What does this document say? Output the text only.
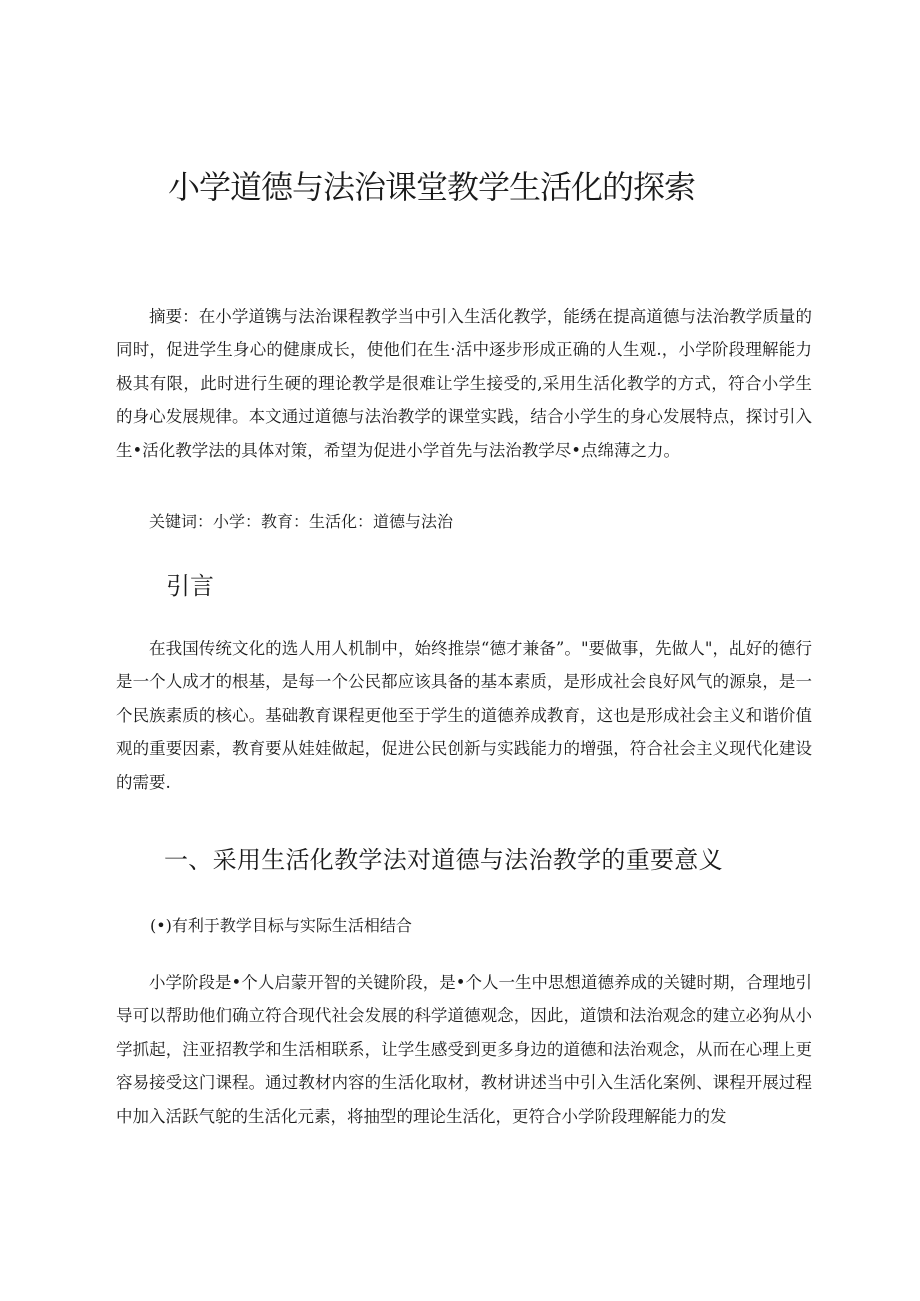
小学道德与法治课堂教学生活化的探索

摘要：在小学道镌与法治课程教学当中引入生活化教学，能绣在提高道德与法治教学质量的同时，促进学生身心的健康成长，使他们在生·活中逐步形成正确的人生观.，小学阶段理解能力极其有限，此时进行生硬的理论教学是很难让学生接受的,采用生活化教学的方式，符合小学生的身心发展规律。本文通过道德与法治教学的课堂实践，结合小学生的身心发展特点，探讨引入生•活化教学法的具体对策，希望为促进小学首先与法治教学尽•点绵薄之力。

关键词：小学：教育：生活化：道德与法治

引言

在我国传统文化的选人用人机制中，始终推崇“德才兼备”。"要做事，先做人"，乩好的德行是一个人成才的根基，是每一个公民都应该具备的基本素质，是形成社会良好风气的源泉，是一个民族素质的核心。基础教育课程更他至于学生的道德养成教育，这也是形成社会主义和谐价值观的重要因素，教育要从娃娃做起，促进公民创新与实践能力的增强，符合社会主义现代化建设的需要.

一、采用生活化教学法对道德与法治教学的重要意义

(•)有利于教学目标与实际生活相结合

小学阶段是•个人启蒙开智的关键阶段，是•个人一生中思想道德养成的关键时期，合理地引导可以帮助他们确立符合现代社会发展的科学道德观念，因此，道馈和法治观念的建立必狗从小学抓起，注亚招教学和生活相联系，让学生感受到更多身边的道德和法治观念，从而在心理上更容易接受这门课程。通过教材内容的生活化取材，教材讲述当中引入生活化案例、课程开展过程中加入活跃气鸵的生活化元素，将抽型的理论生活化，更符合小学阶段理解能力的发
